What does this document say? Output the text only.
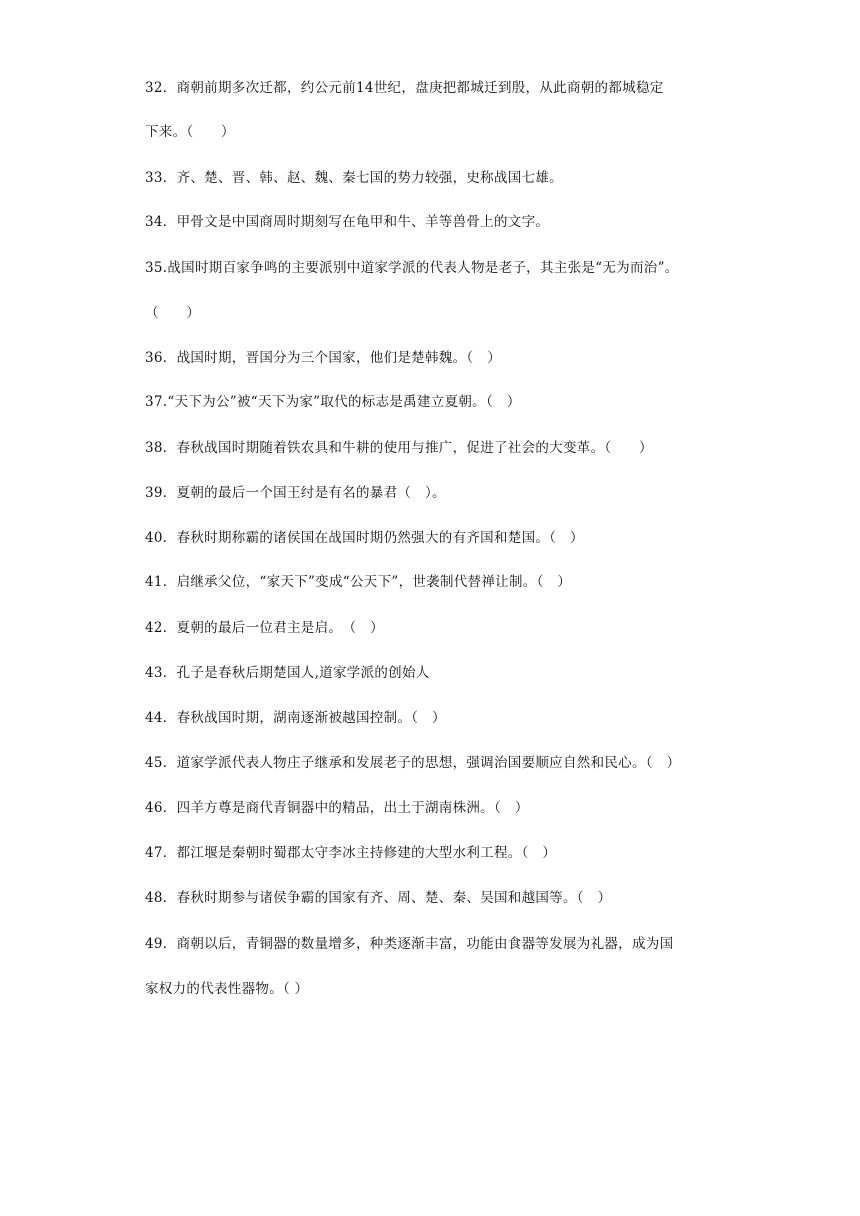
32．商朝前期多次迁都，约公元前14世纪，盘庚把都城迁到殷，从此商朝的都城稳定
下来。（　　）
33．齐、楚、晋、韩、赵、魏、秦七国的势力较强，史称战国七雄。
34．甲骨文是中国商周时期刻写在龟甲和牛、羊等兽骨上的文字。
35.战国时期百家争鸣的主要派别中道家学派的代表人物是老子，其主张是“无为而治”。
（　　）
36．战国时期，晋国分为三个国家，他们是楚韩魏。（　）
37.“天下为公”被“天下为家”取代的标志是禹建立夏朝。（　）
38．春秋战国时期随着铁农具和牛耕的使用与推广，促进了社会的大变革。（　　）
39．夏朝的最后一个国王纣是有名的暴君（　）。
40．春秋时期称霸的诸侯国在战国时期仍然强大的有齐国和楚国。（　）
41．启继承父位，“家天下”变成“公天下”，世袭制代替禅让制。（　）
42．夏朝的最后一位君主是启。　（　）
43．孔子是春秋后期楚国人,道家学派的创始人
44．春秋战国时期，湖南逐渐被越国控制。（　）
45．道家学派代表人物庄子继承和发展老子的思想，强调治国要顺应自然和民心。（　）
46．四羊方尊是商代青铜器中的精品，出土于湖南株洲。（　）
47．都江堰是秦朝时蜀郡太守李冰主持修建的大型水利工程。（　）
48．春秋时期参与诸侯争霸的国家有齐、周、楚、秦、吴国和越国等。（　）
49．商朝以后，青铜器的数量增多，种类逐渐丰富，功能由食器等发展为礼器，成为国
家权力的代表性器物。（ ）
